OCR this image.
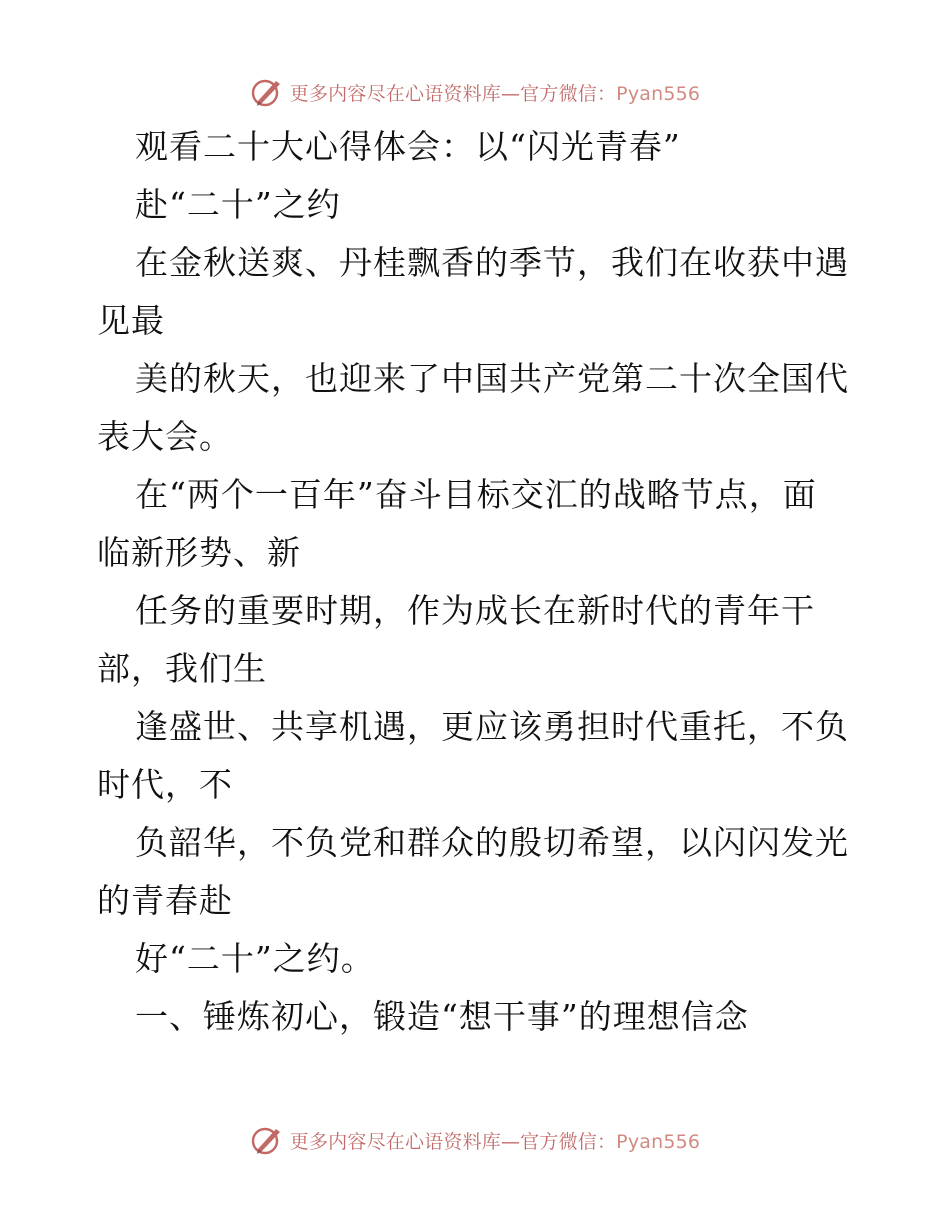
更多内容尽在心语资料库—官方微信：Pyan556
观看二十大心得体会：以“闪光青春”
赴“二十”之约
在金秋送爽、丹桂飘香的季节，我们在收获中遇
见最
美的秋天，也迎来了中国共产党第二十次全国代
表大会。
在“两个一百年”奋斗目标交汇的战略节点，面
临新形势、新
任务的重要时期，作为成长在新时代的青年干
部，我们生
逢盛世、共享机遇，更应该勇担时代重托，不负
时代，不
负韶华，不负党和群众的殷切希望，以闪闪发光
的青春赴
好“二十”之约。
一、锤炼初心，锻造“想干事”的理想信念
更多内容尽在心语资料库—官方微信：Pyan556
